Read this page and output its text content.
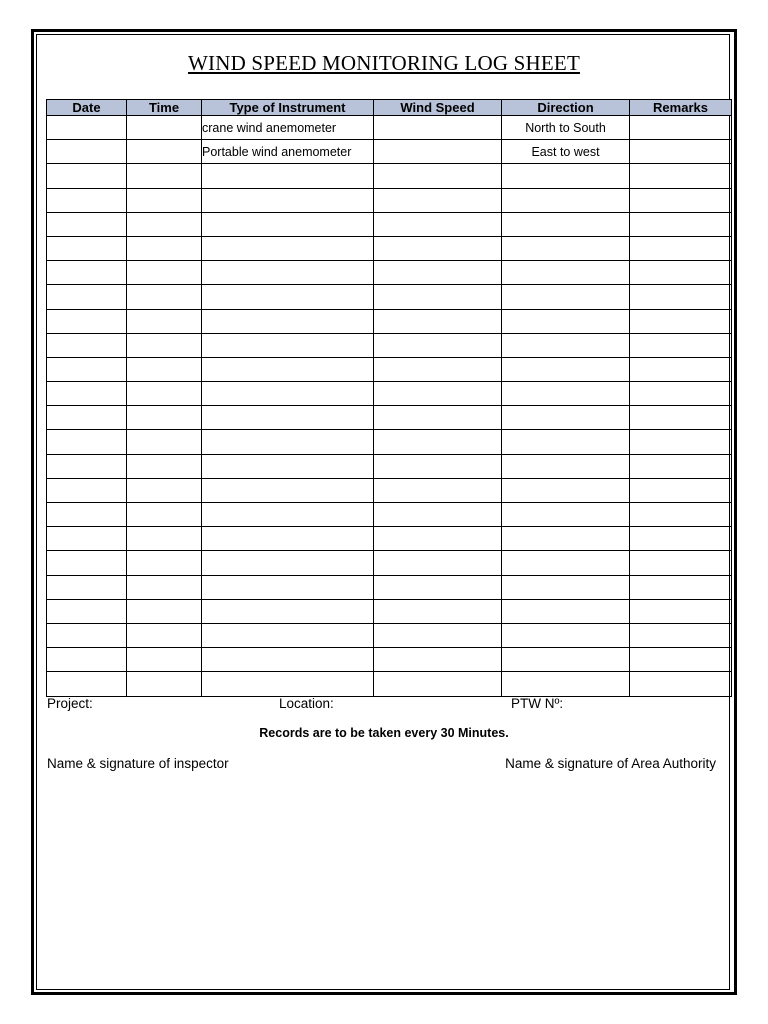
WIND SPEED MONITORING LOG SHEET
Date	Time	Type of Instrument	Wind Speed	Direction	Remarks
		crane wind anemometer		North to South	
		Portable wind anemometer		East to west	

Project:	Location:	PTW Nº:
Records are to be taken every 30 Minutes.
Name & signature of inspector	Name & signature of Area Authority
